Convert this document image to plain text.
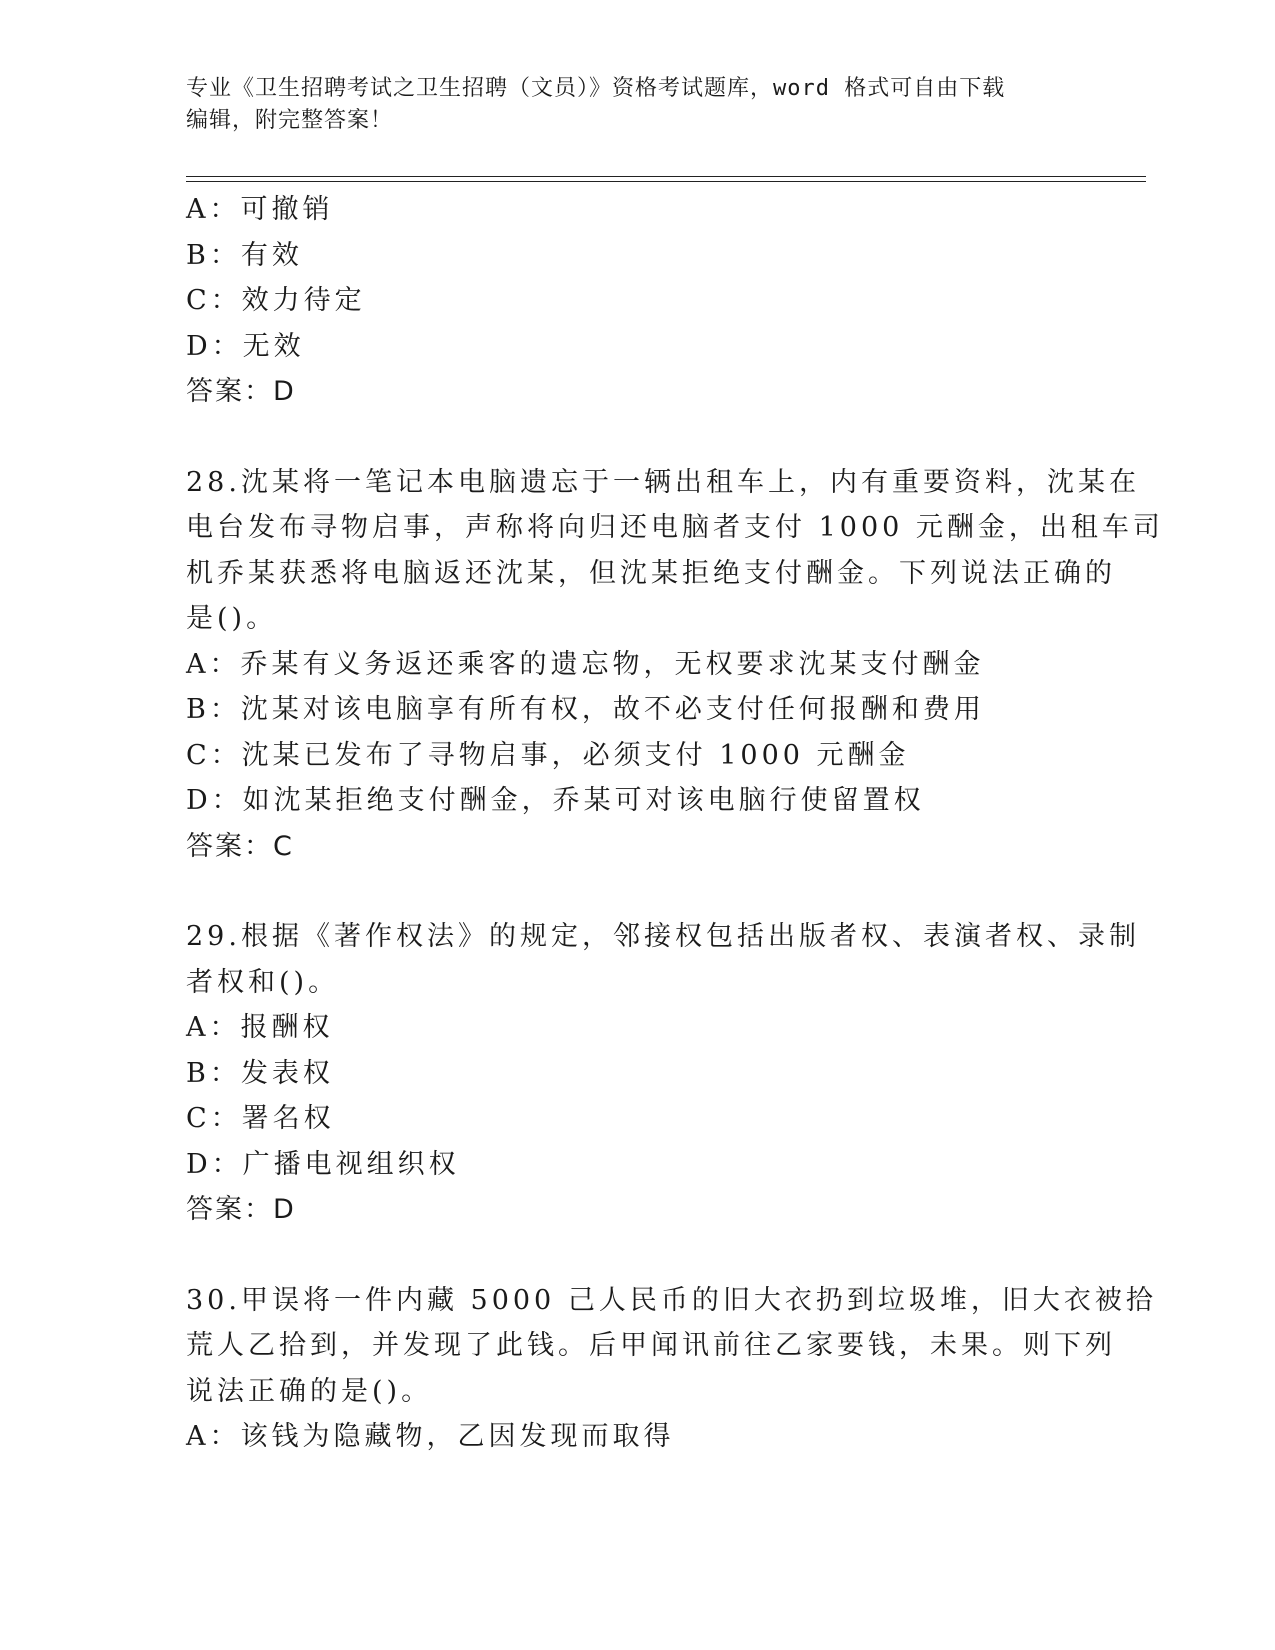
专业《卫生招聘考试之卫生招聘（文员）》资格考试题库，word 格式可自由下载
编辑，附完整答案！
A：可撤销
B：有效
C：效力待定
D：无效
答案：D
28.沈某将一笔记本电脑遗忘于一辆出租车上，内有重要资料，沈某在
电台发布寻物启事，声称将向归还电脑者支付 1000 元酬金，出租车司
机乔某获悉将电脑返还沈某，但沈某拒绝支付酬金。下列说法正确的
是()。
A：乔某有义务返还乘客的遗忘物，无权要求沈某支付酬金
B：沈某对该电脑享有所有权，故不必支付任何报酬和费用
C：沈某已发布了寻物启事，必须支付 1000 元酬金
D：如沈某拒绝支付酬金，乔某可对该电脑行使留置权
答案：C
29.根据《著作权法》的规定，邻接权包括出版者权、表演者权、录制
者权和()。
A：报酬权
B：发表权
C：署名权
D：广播电视组织权
答案：D
30.甲误将一件内藏 5000 己人民币的旧大衣扔到垃圾堆，旧大衣被拾
荒人乙拾到，并发现了此钱。后甲闻讯前往乙家要钱，未果。则下列
说法正确的是()。
A：该钱为隐藏物，乙因发现而取得
